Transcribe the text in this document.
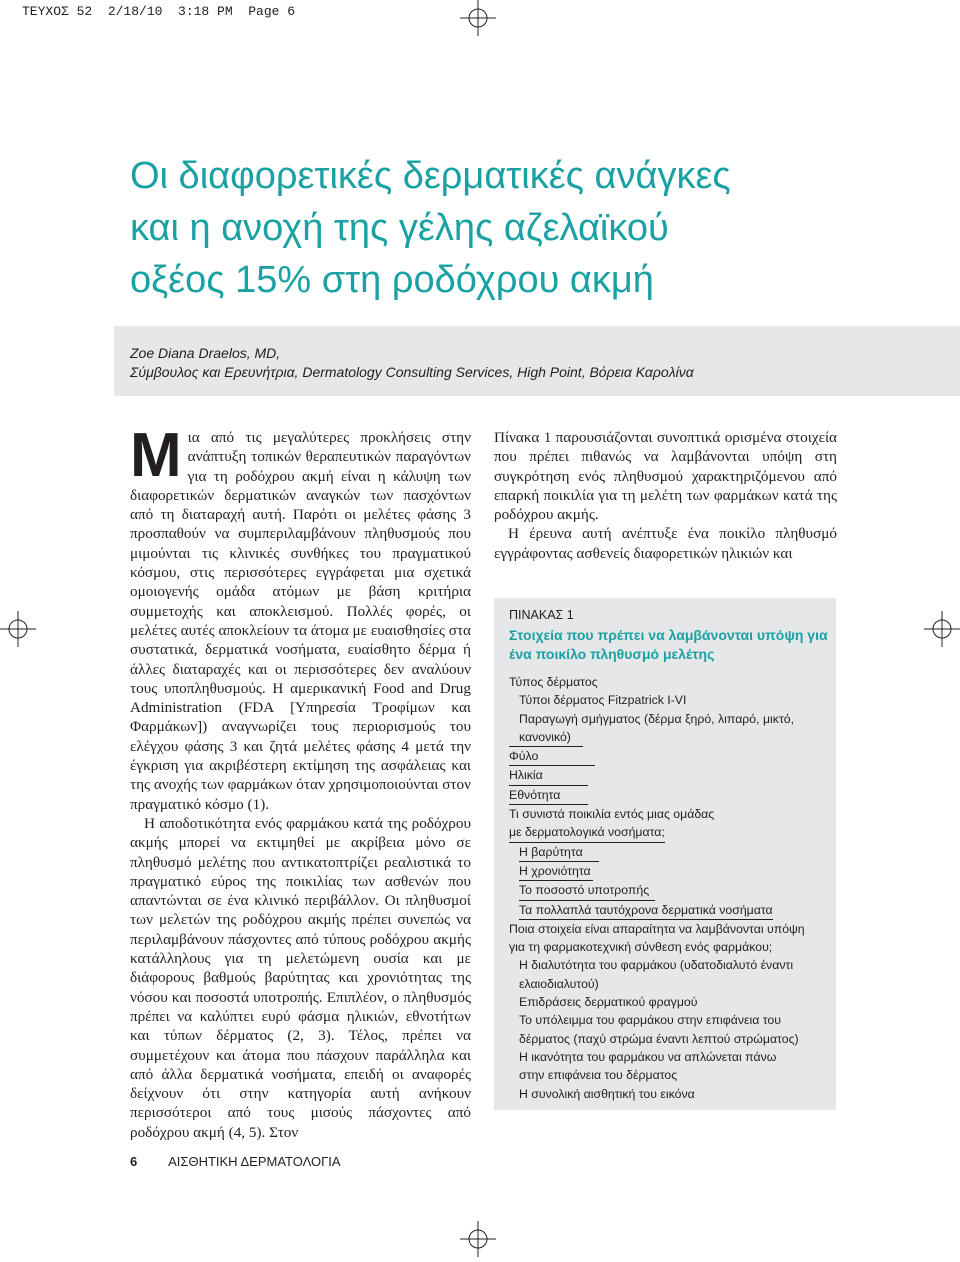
ΤΕΥΧΟΣ 52  2/18/10  3:18 PM  Page 6
Οι διαφορετικές δερματικές ανάγκες
και η ανοχή της γέλης αζελαϊκού
οξέος 15% στη ροδόχρου ακμή
Zoe Diana Draelos, MD,
Σύμβουλος και Ερευνήτρια, Dermatology Consulting Services, High Point, Βόρεια Καρολίνα

Μια από τις μεγαλύτερες προκλήσεις στην ανάπτυξη τοπικών θεραπευτικών παραγόντων για τη ροδόχρου ακμή είναι η κάλυψη των διαφορετικών δερματικών αναγκών των πασχόντων από τη διαταραχή αυτή. Παρότι οι μελέτες φάσης 3 προσπαθούν να συμπεριλαμβάνουν πληθυσμούς που μιμούνται τις κλινικές συνθήκες του πραγματικού κόσμου, στις περισσότερες εγγράφεται μια σχετικά ομοιογενής ομάδα ατόμων με βάση κριτήρια συμμετοχής και αποκλεισμού. Πολλές φορές, οι μελέτες αυτές αποκλείουν τα άτομα με ευαισθησίες στα συστατικά, δερματικά νοσήματα, ευαίσθητο δέρμα ή άλλες διαταραχές και οι περισσότερες δεν αναλύουν τους υποπληθυσμούς. Η αμερικανική Food and Drug Administration (FDA [Υπηρεσία Τροφίμων και Φαρμάκων]) αναγνωρίζει τους περιορισμούς του ελέγχου φάσης 3 και ζητά μελέτες φάσης 4 μετά την έγκριση για ακριβέστερη εκτίμηση της ασφάλειας και της ανοχής των φαρμάκων όταν χρησιμοποιούνται στον πραγματικό κόσμο (1).

Η αποδοτικότητα ενός φαρμάκου κατά της ροδόχρου ακμής μπορεί να εκτιμηθεί με ακρίβεια μόνο σε πληθυσμό μελέτης που αντικατοπτρίζει ρεαλιστικά το πραγματικό εύρος της ποικιλίας των ασθενών που απαντώνται σε ένα κλινικό περιβάλλον. Οι πληθυσμοί των μελετών της ροδόχρου ακμής πρέπει συνεπώς να περιλαμβάνουν πάσχοντες από τύπους ροδόχρου ακμής κατάλληλους για τη μελετώμενη ουσία και με διάφορους βαθμούς βαρύτητας και χρονιότητας της νόσου και ποσοστά υποτροπής. Επιπλέον, ο πληθυσμός πρέπει να καλύπτει ευρύ φάσμα ηλικιών, εθνοτήτων και τύπων δέρματος (2, 3). Τέλος, πρέπει να συμμετέχουν και άτομα που πάσχουν παράλληλα και από άλλα δερματικά νοσήματα, επειδή οι αναφορές δείχνουν ότι στην κατηγορία αυτή ανήκουν περισσότεροι από τους μισούς πάσχοντες από ροδόχρου ακμή (4, 5). Στον

Πίνακα 1 παρουσιάζονται συνοπτικά ορισμένα στοιχεία που πρέπει πιθανώς να λαμβάνονται υπόψη στη συγκρότηση ενός πληθυσμού χαρακτηριζόμενου από επαρκή ποικιλία για τη μελέτη των φαρμάκων κατά της ροδόχρου ακμής.

Η έρευνα αυτή ανέπτυξε ένα ποικίλο πληθυσμό εγγράφοντας ασθενείς διαφορετικών ηλικιών και

ΠΙΝΑΚΑΣ 1
Στοιχεία που πρέπει να λαμβάνονται υπόψη για ένα ποικίλο πληθυσμό μελέτης
Τύπος δέρματος
Τύποι δέρματος Fitzpatrick I-VI
Παραγωγή σμήγματος (δέρμα ξηρό, λιπαρό, μικτό,
κανονικό)
Φύλο
Ηλικία
Εθνότητα
Τι συνιστά ποικιλία εντός μιας ομάδας
με δερματολογικά νοσήματα;
Η βαρύτητα
Η χρονιότητα
Το ποσοστό υποτροπής
Τα πολλαπλά ταυτόχρονα δερματικά νοσήματα
Ποια στοιχεία είναι απαραίτητα να λαμβάνονται υπόψη
για τη φαρμακοτεχνική σύνθεση ενός φαρμάκου;
Η διαλυτότητα του φαρμάκου (υδατοδιαλυτό έναντι
ελαιοδιαλυτού)
Επιδράσεις δερματικού φραγμού
Το υπόλειμμα του φαρμάκου στην επιφάνεια του
δέρματος (παχύ στρώμα έναντι λεπτού στρώματος)
Η ικανότητα του φαρμάκου να απλώνεται πάνω
στην επιφάνεια του δέρματος
Η συνολική αισθητική του εικόνα
6 ΑΙΣΘΗΤΙΚΗ ΔΕΡΜΑΤΟΛΟΓΙΑ
